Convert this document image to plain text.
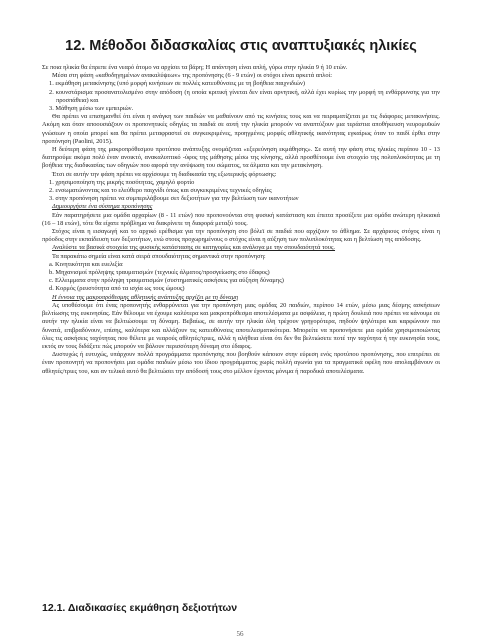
12. Μέθοδοι διδασκαλίας στις αναπτυξιακές ηλικίες

Σε ποια ηλικία θα έπρεπε ένα νεαρό άτομο να αρχίσει τα βάρη; Η απάντηση είναι απλή, γύρω στην ηλικία 9 ή 10 ετών.

Μέσα στη φάση «καθοδηγημένων ανακαλύψεων» της προπόνησης (6 - 9 ετών) οι στόχοι είναι αρκετά απλοί:

1. εκμάθηση μετακίνησης (υπό μορφή κινήσεων σε πολλές κατευθύνσεις με τη βοήθεια παιχνιδιών)
2. κουνστάρισμα προσανατολισμένο στην απόδοση (η οποία κριτική γίνεται δεν είναι αρνητική, αλλά έχει κυρίως την μορφή τη ενθάρρυνσης για την προσπάθεια) και
3. Μάθηση μέσω των εμπειριών.

Θα πρέπει να επισημανθεί ότι είναι η ανάγκη των παιδιών να μαθαίνουν από τις κινήσεις τους και να πειραματίζεται με τις διάφορες μετακινήσεις. Ακόμη και όταν αποουσιάζουν οι προπονητικές οδηγίες τα παιδιά σε αυτή την ηλικία μπορούν να αναπτύξουν μια τεράστια αποθήκευση νευρομυϊκών γνώσεων η οποία μπορεί και θα πρέπει μεταφραστεί σε συγκεκριμένες, προηγμένες μορφές αθλητικής ικανότητας εγκαίρως όταν το παιδί έρθει στην προπόνηση (Paolini, 2015).

Η δεύτερη φάση της μακροπρόθεσμου προτύπου ανάπτυξης ονομάζεται «εξερεύνηση εκμάθησης». Σε αυτή την φάση στις ηλικίες περίπου 10 - 13 διατηρούμε ακόμα πολύ έναν ανοικτό, ανακαλυπτικό -ύφος της μάθησης μέσω της κίνησης, αλλά προσθέτουμε ένα στοιχείο της πολυπλοκότητας με τη βοήθεια της διαδικασίας των οδηγιών που αφορά την ανύψωση του σώματος, τα άλματα και την μετακίνηση.

Έτσι σε αυτήν την φάση πρέπει να αρχίσουμε τη διαδικασία της εξωτερικής φόρτωσης:

1. χρησιμοποίηση της μικρής ποσότητας, χαμηλό φορτίο
2. ενσωματώνοντας και το ελεύθερο παιχνίδι όπως και συγκεκριμένες τεχνικές οδηγίες
3. στην προπόνηση πρέπει να συμπεριλάβουμε σετ δεξιοτήτων για την βελτίωση των ικανοτήτων

Δημιουργήστε ένα σύστημα προπόνησης

Εάν παρατηρήσετε μια ομάδα αρχαρίων (8 - 11 ετών) που προπονούνται στη φυσική κατάσταση και έπειτα προσέξετε μια ομάδα ανώτερη ηλικιακά (16 – 18 ετών), τότε θα είχατε πρόβλημα να διακρίνετε τη διαφορά μεταξύ τους.

Στόχος είναι η εισαγωγή και το αρχικό ερέθισμα για την προπόνηση στο βόλεϊ σε παιδιά που αρχίζουν το άθλημα. Σε αρχάριους στόχος είναι η πρόοδος στην εκπαίδευση των δεξιοτήτων, ενώ στους προχωρημένους ο στόχος είναι η αύξηση των πολυπλοκότητας και η βελτίωση της απόδοσης.

Αναλύστε τα βασικά στοιχεία της φυσικής κατάστασης σε κατηγορίες και ανάλογα με την σπουδαιότητά τους.

Τα παρακάτω σημεία είναι κατά σειρά σπουδαιότητας σημαντικά στην προπόνηση:

a. Κινητικότητα και ευελιξία
b. Μηχανισμοί πρόληψης τραυματισμών (τεχνικές άλματος/προσγείωσης στο έδαφος)
c. Ελλειμματα στην πρόληψη τραυματισμών (συστηματικές ασκήσεις για αύξηση δύναμης)
d. Κορμός (ρευστότητα από τα ισχία ως τους ώμους)

Η έννοια της μακροπρόθεσμης αθλητικής ανάπτυξης αρχίζει με τη δύναμη

Ας υποθέσουμε ότι ένας προπονητής ενθαρρύνεται για την προπόνηση μιας ομάδας 20 παιδιών, περίπου 14 ετών, μέσω μιας δέσμης ασκήσεων βελτίωσης της ευκινησίας. Εάν θέλουμε να έχουμε καλύτερα και μακροπρόθεσμα αποτελέσματα με ασφάλεια, η πρώτη δουλειά που πρέπει να κάνουμε σε αυτήν την ηλικία είναι να βελτιώσουμε τη δύναμη. Βεβαίως, σε αυτήν την ηλικία όλη τρέχουν γρηγορότερα, πηδούν ψηλότερα και καρφώνουν πιο δυνατά, επιβραδύνουν, επίσης, καλύτερα και αλλάζουν τις κατευθύνσεις αποτελεσματικότερα. Μπορείτε να προπονήσετε μια ομάδα χρησιμοποιώντας όλες τις ασκήσεις ταχύτητας που θέλετε με νεαρούς αθλητές/τριες, αλλά η αλήθεια είναι ότι δεν θα βελτιώσετε ποτέ την ταχύτητα ή την ευκινησία τους, εκτός αν τους διδάξετε πώς μπορούν να βάλουν περισσότερη δύναμη στο έδαφος.

Δυστυχώς ή ευτυχώς, υπάρχουν πολλά προγράμματα προπόνησης που βοηθούν κάποιον στην εύρεση ενός προτύπου προπόνησης, που επιτρέπει σε έναν προπονητή να προπονήσει μια ομάδα παιδιών μέσω του ίδιου προγράμματος χωρίς πολλή αγωνία για τα πραγματικά οφέλη που απολαμβάνουν οι αθλητές/τριες του, και αν τελικά αυτό θα βελτιώσει την απόδοσή τους στο μέλλον έχοντας μόνιμα ή παροδικά αποτελέσματα.

12.1. Διαδικασίες εκμάθηση δεξιοτήτων
56
